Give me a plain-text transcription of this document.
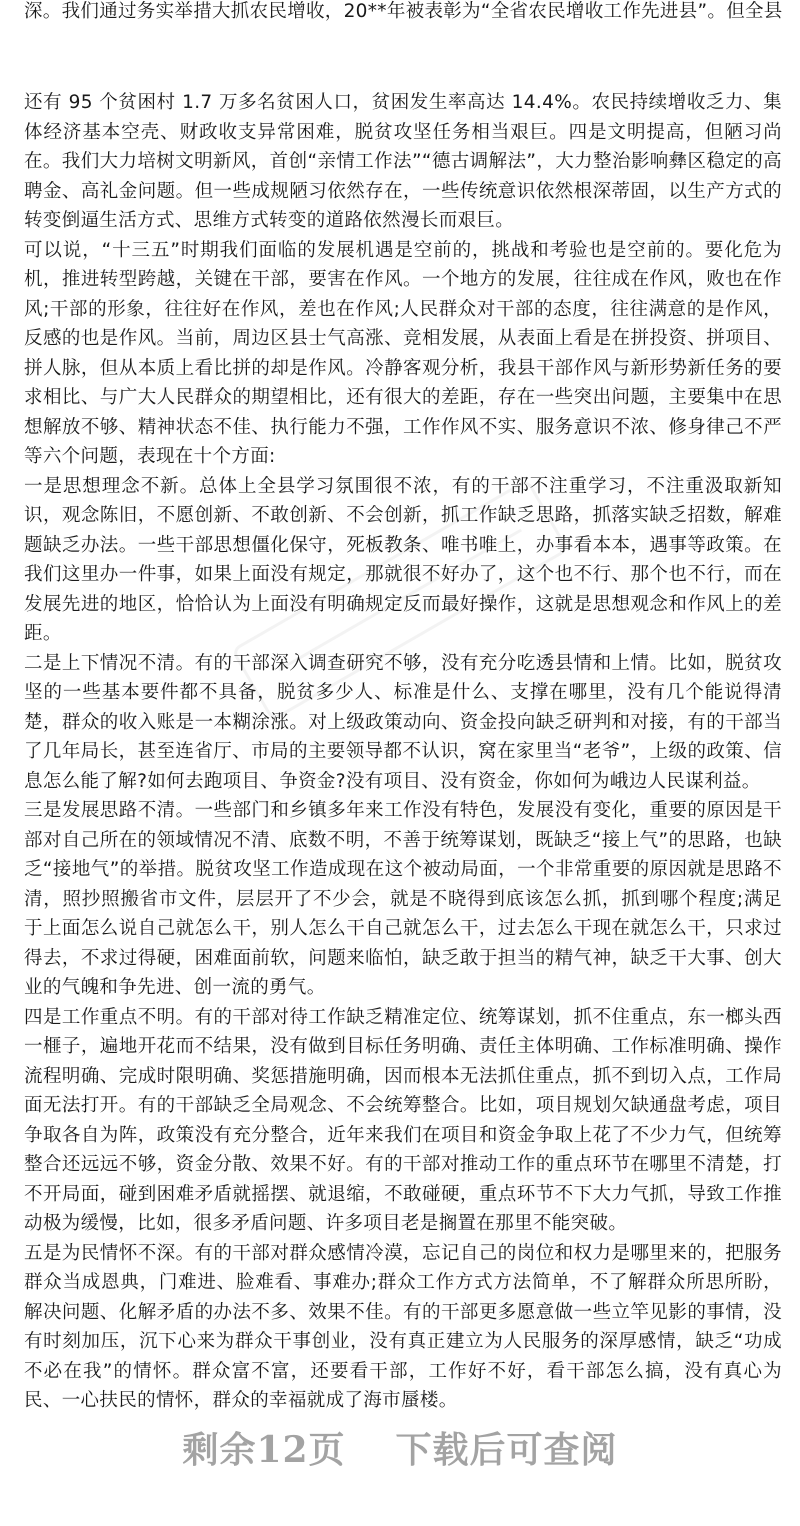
深。我们通过务实举措大抓农民增收，20**年被表彰为“全省农民增收工作先进县”。但全县

还有 95 个贫困村 1.7 万多名贫困人口，贫困发生率高达 14.4%。农民持续增收乏力、集体经济基本空壳、财政收支异常困难，脱贫攻坚任务相当艰巨。四是文明提高，但陋习尚在。我们大力培树文明新风，首创“亲情工作法”“德古调解法”，大力整治影响彝区稳定的高聘金、高礼金问题。但一些成规陋习依然存在，一些传统意识依然根深蒂固，以生产方式的转变倒逼生活方式、思维方式转变的道路依然漫长而艰巨。

可以说，“十三五”时期我们面临的发展机遇是空前的，挑战和考验也是空前的。要化危为机，推进转型跨越，关键在干部，要害在作风。一个地方的发展，往往成在作风，败也在作风;干部的形象，往往好在作风，差也在作风;人民群众对干部的态度，往往满意的是作风，反感的也是作风。当前，周边区县士气高涨、竞相发展，从表面上看是在拼投资、拼项目、拼人脉，但从本质上看比拼的却是作风。冷静客观分析，我县干部作风与新形势新任务的要求相比、与广大人民群众的期望相比，还有很大的差距，存在一些突出问题，主要集中在思想解放不够、精神状态不佳、执行能力不强，工作作风不实、服务意识不浓、修身律己不严等六个问题，表现在十个方面:

一是思想理念不新。总体上全县学习氛围很不浓，有的干部不注重学习，不注重汲取新知识，观念陈旧，不愿创新、不敢创新、不会创新，抓工作缺乏思路，抓落实缺乏招数，解难题缺乏办法。一些干部思想僵化保守，死板教条、唯书唯上，办事看本本，遇事等政策。在我们这里办一件事，如果上面没有规定，那就很不好办了，这个也不行、那个也不行，而在发展先进的地区，恰恰认为上面没有明确规定反而最好操作，这就是思想观念和作风上的差距。

二是上下情况不清。有的干部深入调查研究不够，没有充分吃透县情和上情。比如，脱贫攻坚的一些基本要件都不具备，脱贫多少人、标准是什么、支撑在哪里，没有几个能说得清楚，群众的收入账是一本糊涂涨。对上级政策动向、资金投向缺乏研判和对接，有的干部当了几年局长，甚至连省厅、市局的主要领导都不认识，窝在家里当“老爷”，上级的政策、信息怎么能了解?如何去跑项目、争资金?没有项目、没有资金，你如何为峨边人民谋利益。

三是发展思路不清。一些部门和乡镇多年来工作没有特色，发展没有变化，重要的原因是干部对自己所在的领域情况不清、底数不明，不善于统筹谋划，既缺乏“接上气”的思路，也缺乏“接地气”的举措。脱贫攻坚工作造成现在这个被动局面，一个非常重要的原因就是思路不清，照抄照搬省市文件，层层开了不少会，就是不晓得到底该怎么抓，抓到哪个程度;满足于上面怎么说自己就怎么干，别人怎么干自己就怎么干，过去怎么干现在就怎么干，只求过得去，不求过得硬，困难面前软，问题来临怕，缺乏敢于担当的精气神，缺乏干大事、创大业的气魄和争先进、创一流的勇气。

四是工作重点不明。有的干部对待工作缺乏精准定位、统筹谋划，抓不住重点，东一榔头西一榧子，遍地开花而不结果，没有做到目标任务明确、责任主体明确、工作标准明确、操作流程明确、完成时限明确、奖惩措施明确，因而根本无法抓住重点，抓不到切入点，工作局面无法打开。有的干部缺乏全局观念、不会统筹整合。比如，项目规划欠缺通盘考虑，项目争取各自为阵，政策没有充分整合，近年来我们在项目和资金争取上花了不少力气，但统筹整合还远远不够，资金分散、效果不好。有的干部对推动工作的重点环节在哪里不清楚，打不开局面，碰到困难矛盾就摇摆、就退缩，不敢碰硬，重点环节不下大力气抓，导致工作推动极为缓慢，比如，很多矛盾问题、许多项目老是搁置在那里不能突破。

五是为民情怀不深。有的干部对群众感情冷漠，忘记自己的岗位和权力是哪里来的，把服务群众当成恩典，门难进、脸难看、事难办;群众工作方式方法简单，不了解群众所思所盼，解决问题、化解矛盾的办法不多、效果不佳。有的干部更多愿意做一些立竿见影的事情，没有时刻加压，沉下心来为群众干事创业，没有真正建立为人民服务的深厚感情，缺乏“功成不必在我”的情怀。群众富不富，还要看干部，工作好不好，看干部怎么搞，没有真心为民、一心扶民的情怀，群众的幸福就成了海市蜃楼。

剩余12页 下载后可查阅
